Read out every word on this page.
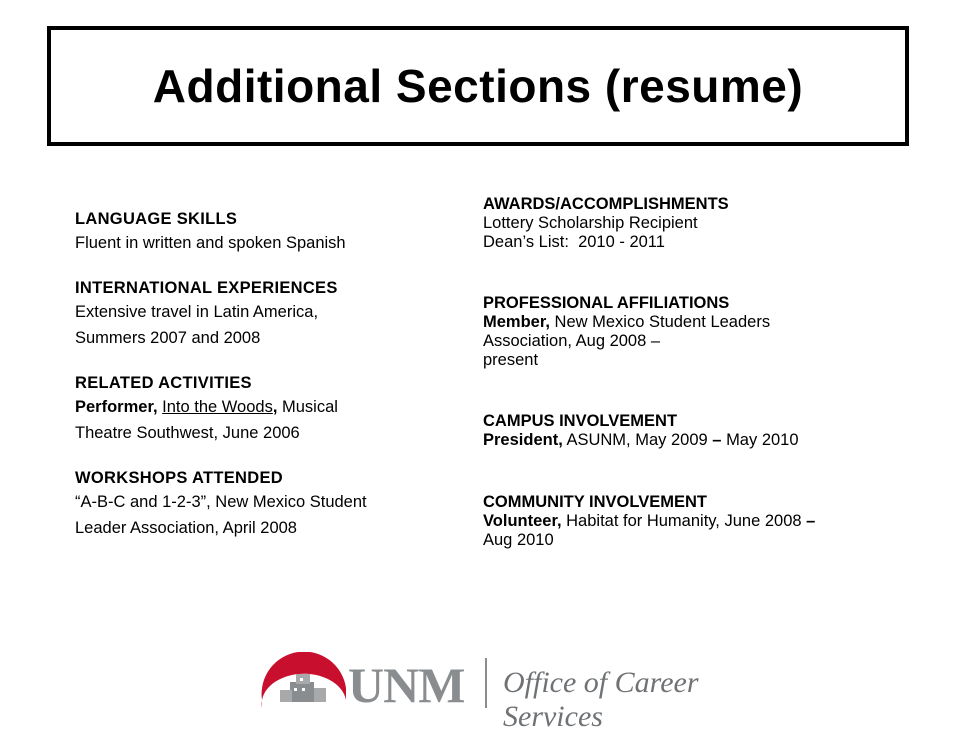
Additional Sections (resume)
LANGUAGE SKILLS
Fluent in written and spoken Spanish
INTERNATIONAL EXPERIENCES
Extensive travel in Latin America,
Summers 2007 and 2008
RELATED ACTIVITIES
Performer, Into the Woods, Musical
Theatre Southwest, June 2006
WORKSHOPS ATTENDED
“A-B-C and 1-2-3”, New Mexico Student
Leader Association, April 2008
AWARDS/ACCOMPLISHMENTS
Lottery Scholarship Recipient
Dean’s List:  2010 - 2011
PROFESSIONAL AFFILIATIONS
Member, New Mexico Student Leaders
Association, Aug 2008 –
present
CAMPUS INVOLVEMENT
President, ASUNM, May 2009 – May 2010
COMMUNITY INVOLVEMENT
Volunteer, Habitat for Humanity, June 2008 –
Aug 2010
UNM Office of Career Services
